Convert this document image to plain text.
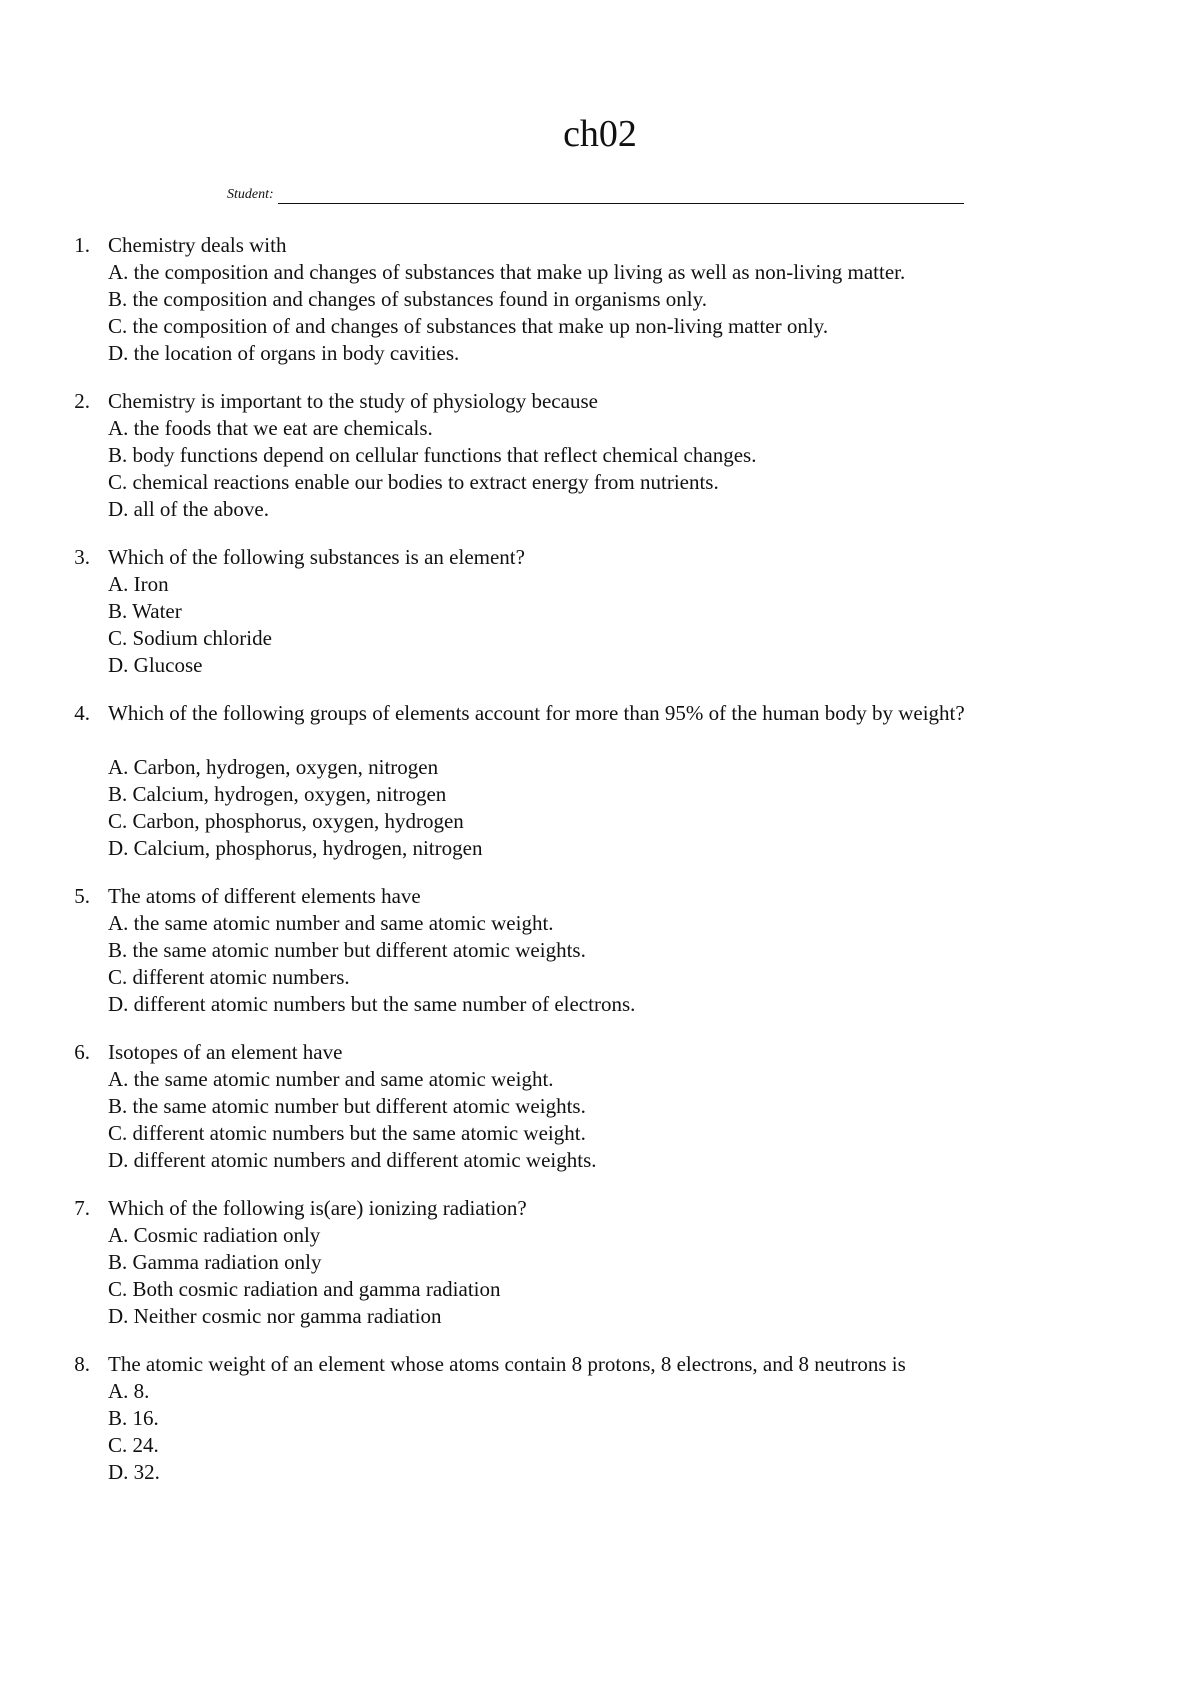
ch02
Student:
1. Chemistry deals with
A. the composition and changes of substances that make up living as well as non-living matter.
B. the composition and changes of substances found in organisms only.
C. the composition of and changes of substances that make up non-living matter only.
D. the location of organs in body cavities.
2. Chemistry is important to the study of physiology because
A. the foods that we eat are chemicals.
B. body functions depend on cellular functions that reflect chemical changes.
C. chemical reactions enable our bodies to extract energy from nutrients.
D. all of the above.
3. Which of the following substances is an element?
A. Iron
B. Water
C. Sodium chloride
D. Glucose
4. Which of the following groups of elements account for more than 95% of the human body by weight?
A. Carbon, hydrogen, oxygen, nitrogen
B. Calcium, hydrogen, oxygen, nitrogen
C. Carbon, phosphorus, oxygen, hydrogen
D. Calcium, phosphorus, hydrogen, nitrogen
5. The atoms of different elements have
A. the same atomic number and same atomic weight.
B. the same atomic number but different atomic weights.
C. different atomic numbers.
D. different atomic numbers but the same number of electrons.
6. Isotopes of an element have
A. the same atomic number and same atomic weight.
B. the same atomic number but different atomic weights.
C. different atomic numbers but the same atomic weight.
D. different atomic numbers and different atomic weights.
7. Which of the following is(are) ionizing radiation?
A. Cosmic radiation only
B. Gamma radiation only
C. Both cosmic radiation and gamma radiation
D. Neither cosmic nor gamma radiation
8. The atomic weight of an element whose atoms contain 8 protons, 8 electrons, and 8 neutrons is
A. 8.
B. 16.
C. 24.
D. 32.
